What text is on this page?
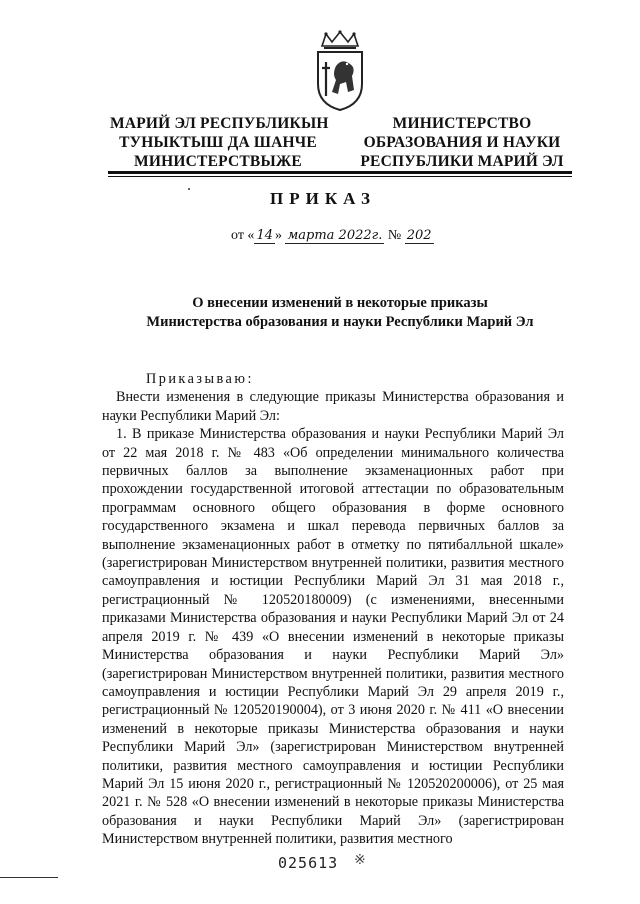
МАРИЙ ЭЛ РЕСПУБЛИКЫН
ТУНЫКТЫШ ДА ШАНЧЕ
МИНИСТЕРСТВЫЖЕ
МИНИСТЕРСТВО
ОБРАЗОВАНИЯ И НАУКИ
РЕСПУБЛИКИ МАРИЙ ЭЛ
ПРИКАЗ
от « 14 » марта 2022г. № 202
О внесении изменений в некоторые приказы
Министерства образования и науки Республики Марий Эл
Приказываю:
Внести изменения в следующие приказы Министерства образования и науки Республики Марий Эл:
1. В приказе Министерства образования и науки Республики Марий Эл от 22 мая 2018 г. № 483 «Об определении минимального количества первичных баллов за выполнение экзаменационных работ при прохождении государственной итоговой аттестации по образовательным программам основного общего образования в форме основного государственного экзамена и шкал перевода первичных баллов за выполнение экзаменационных работ в отметку по пятибалльной шкале» (зарегистрирован Министерством внутренней политики, развития местного самоуправления и юстиции Республики Марий Эл 31 мая 2018 г., регистрационный № 120520180009) (с изменениями, внесенными приказами Министерства образования и науки Республики Марий Эл от 24 апреля 2019 г. № 439 «О внесении изменений в некоторые приказы Министерства образования и науки Республики Марий Эл» (зарегистрирован Министерством внутренней политики, развития местного самоуправления и юстиции Республики Марий Эл 29 апреля 2019 г., регистрационный № 120520190004), от 3 июня 2020 г. № 411 «О внесении изменений в некоторые приказы Министерства образования и науки Республики Марий Эл» (зарегистрирован Министерством внутренней политики, развития местного самоуправления и юстиции Республики Марий Эл 15 июня 2020 г., регистрационный № 120520200006), от 25 мая 2021 г. № 528 «О внесении изменений в некоторые приказы Министерства образования и науки Республики Марий Эл» (зарегистрирован Министерством внутренней политики, развития местного
025613 ※
